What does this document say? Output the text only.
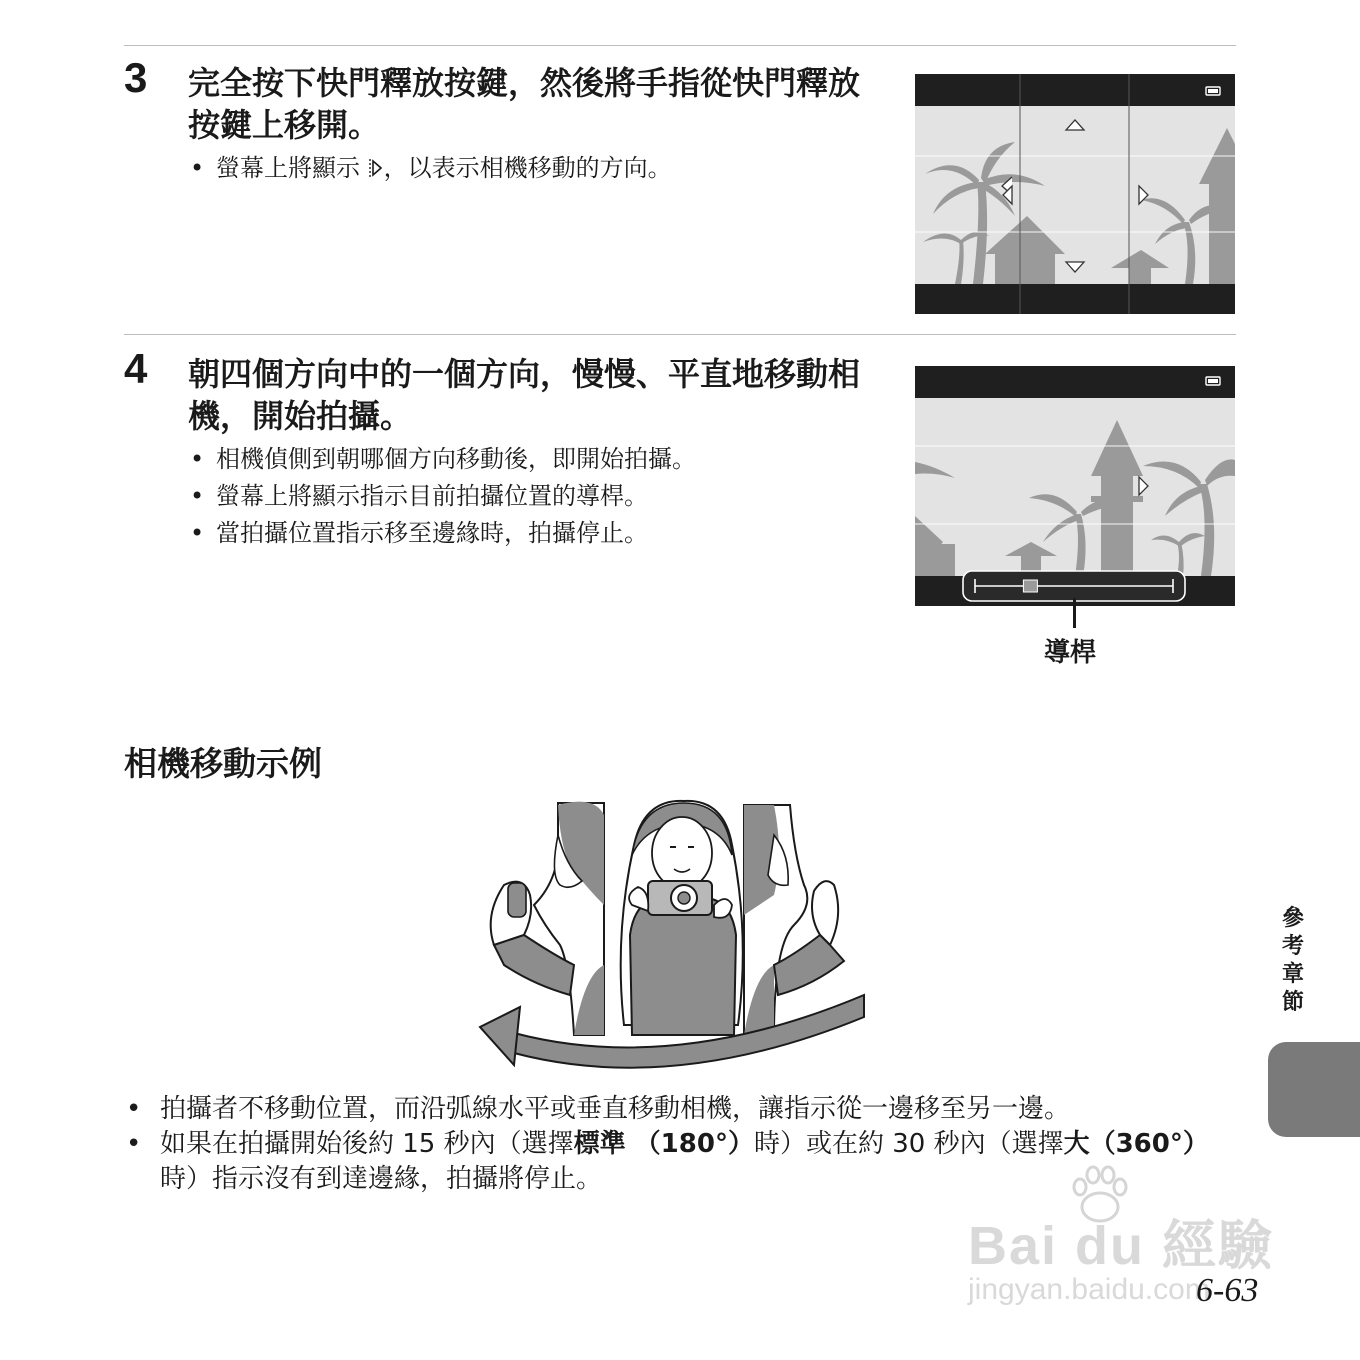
3 完全按下快門釋放按鍵，然後將手指從快門釋放按鍵上移開。
• 螢幕上將顯示 ，以表示相機移動的方向。
4 朝四個方向中的一個方向，慢慢、平直地移動相機，開始拍攝。
• 相機偵側到朝哪個方向移動後，即開始拍攝。
• 螢幕上將顯示指示目前拍攝位置的導桿。
• 當拍攝位置指示移至邊緣時，拍攝停止。
導桿
相機移動示例
• 拍攝者不移動位置，而沿弧線水平或垂直移動相機，讓指示從一邊移至另一邊。
• 如果在拍攝開始後約 15 秒內（選擇標準 （180°）時）或在約 30 秒內（選擇大（360°）時）指示沒有到達邊緣，拍攝將停止。
參考章節
Bai du 經驗
jingyan.baidu.com
6-63
